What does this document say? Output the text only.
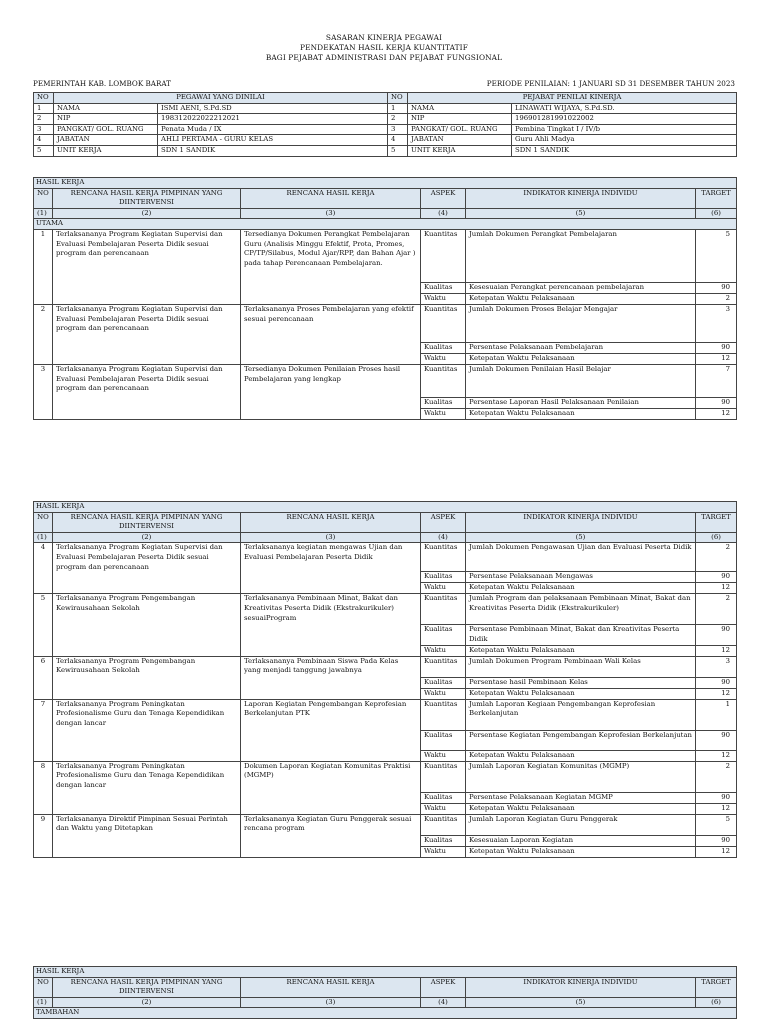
SASARAN KINERJA PEGAWAI
PENDEKATAN HASIL KERJA KUANTITATIF
BAGI PEJABAT ADMINISTRASI DAN PEJABAT FUNGSIONAL
PEMERINTAH KAB. LOMBOK BARAT	PERIODE PENILAIAN: 1 JANUARI SD 31 DESEMBER TAHUN 2023
NO	PEGAWAI YANG DINILAI		NO	PEJABAT PENILAI KINERJA	
1	NAMA	ISMI AENI, S.Pd.SD	1	NAMA	LINAWATI WIJAYA, S.Pd.SD.
2	NIP	198312022022212021	2	NIP	196901281991022002
3	PANGKAT/ GOL. RUANG	Penata Muda / IX	3	PANGKAT/ GOL. RUANG	Pembina Tingkat I / IV/b
4	JABATAN	AHLI PERTAMA - GURU KELAS	4	JABATAN	Guru Ahli Madya
5	UNIT KERJA	SDN 1 SANDIK	5	UNIT KERJA	SDN 1 SANDIK
HASIL KERJA					
NO	RENCANA HASIL KERJA PIMPINAN YANG DIINTERVENSI	RENCANA HASIL KERJA	ASPEK	INDIKATOR KINERJA INDIVIDU	TARGET
(1)	(2)	(3)	(4)	(5)	(6)
UTAMA					
1	Terlaksananya Program Kegiatan Supervisi dan Evaluasi Pembelajaran Peserta Didik sesuai program dan perencanaan	Tersedianya Dokumen Perangkat Pembelajaran Guru (Analisis Minggu Efektif, Prota, Promes, CP/TP/Silabus, Modul Ajar/RPP, dan Bahan Ajar ) pada tahap Perencanaan Pembelajaran.	Kuantitas	Jumlah Dokumen Perangkat Pembelajaran	5
			Kualitas	Kesesuaian Perangkat perencanaan pembelajaran	90
			Waktu	Ketepatan Waktu Pelaksanaan	2
2	Terlaksananya Program Kegiatan Supervisi dan Evaluasi Pembelajaran Peserta Didik sesuai program dan perencanaan	Terlaksananya Proses Pembelajaran yang efektif sesuai perencanaan	Kuantitas	Jumlah Dokumen Proses Belajar Mengajar	3
			Kualitas	Persentase Pelaksanaan Pembelajaran	90
			Waktu	Ketepatan Waktu Pelaksanaan	12
3	Terlaksananya Program Kegiatan Supervisi dan Evaluasi Pembelajaran Peserta Didik sesuai program dan perencanaan	Tersedianya Dokumen Penilaian Proses hasil Pembelajaran yang lengkap	Kuantitas	Jumlah Dokumen Penilaian Hasil Belajar	7
			Kualitas	Persentase Laporan Hasil Pelaksanaan Penilaian	90
			Waktu	Ketepatan Waktu Pelaksanaan	12
HASIL KERJA					
NO	RENCANA HASIL KERJA PIMPINAN YANG DIINTERVENSI	RENCANA HASIL KERJA	ASPEK	INDIKATOR KINERJA INDIVIDU	TARGET
(1)	(2)	(3)	(4)	(5)	(6)
4	Terlaksananya Program Kegiatan Supervisi dan Evaluasi Pembelajaran Peserta Didik sesuai program dan perencanaan	Terlaksananya kegiatan mengawas Ujian dan Evaluasi Pembelajaran Peserta Didik	Kuantitas	Jumlah Dokumen Pengawasan Ujian dan Evaluasi Peserta Didik	2
			Kualitas	Persentase Pelaksanaan Mengawas	90
			Waktu	Ketepatan Waktu Pelaksanaan	12
5	Terlaksananya Program Pengembangan Kewirausahaan Sekolah	Terlaksananya Pembinaan Minat, Bakat dan Kreativitas Peserta Didik (Ekstrakurikuler) sesuaiProgram	Kuantitas	Jumlah Program dan pelaksanaan Pembinaan Minat, Bakat dan Kreativitas Peserta Didik (Ekstrakurikuler)	2
			Kualitas	Persentase Pembinaan Minat, Bakat dan Kreativitas Peserta Didik	90
			Waktu	Ketepatan Waktu Pelaksanaan	12
6	Terlaksananya Program Pengembangan Kewirausahaan Sekolah	Terlaksananya Pembinaan Siswa Pada Kelas yang menjadi tanggung jawabnya	Kuantitas	Jumlah Dokumen Program Pembinaan Wali Kelas	3
			Kualitas	Persentase hasil Pembinaan Kelas	90
			Waktu	Ketepatan Waktu Pelaksanaan	12
7	Terlaksananya Program Peningkatan Profesionalisme Guru dan Tenaga Kependidikan dengan lancar	Laporan Kegiatan Pengembangan Keprofesian Berkelanjutan PTK	Kuantitas	Jumlah Laporan Kegiaan Pengembangan Keprofesian Berkelanjutan	1
			Kualitas	Persentase Kegiatan Pengembangan Keprofesian Berkelanjutan	90
			Waktu	Ketepatan Waktu Pelaksanaan	12
8	Terlaksananya Program Peningkatan Profesionalisme Guru dan Tenaga Kependidikan dengan lancar	Dokumen Laporan Kegiatan Komunitas Praktisi (MGMP)	Kuantitas	Jumlah Laporan Kegiatan Komunitas (MGMP)	2
			Kualitas	Persentase Pelaksanaan Kegiatan MGMP	90
			Waktu	Ketepatan Waktu Pelaksanaan	12
9	Terlaksananya Direktif Pimpinan Sesuai Perintah dan Waktu yang Ditetapkan	Terlaksananya Kegiatan Guru Penggerak sesuai rencana program	Kuantitas	Jumlah Laporan Kegiatan Guru Penggerak	5
			Kualitas	Kesesuaian Laporan Kegiatan	90
			Waktu	Ketepatan Waktu Pelaksanaan	12
HASIL KERJA					
NO	RENCANA HASIL KERJA PIMPINAN YANG DIINTERVENSI	RENCANA HASIL KERJA	ASPEK	INDIKATOR KINERJA INDIVIDU	TARGET
(1)	(2)	(3)	(4)	(5)	(6)
TAMBAHAN					
